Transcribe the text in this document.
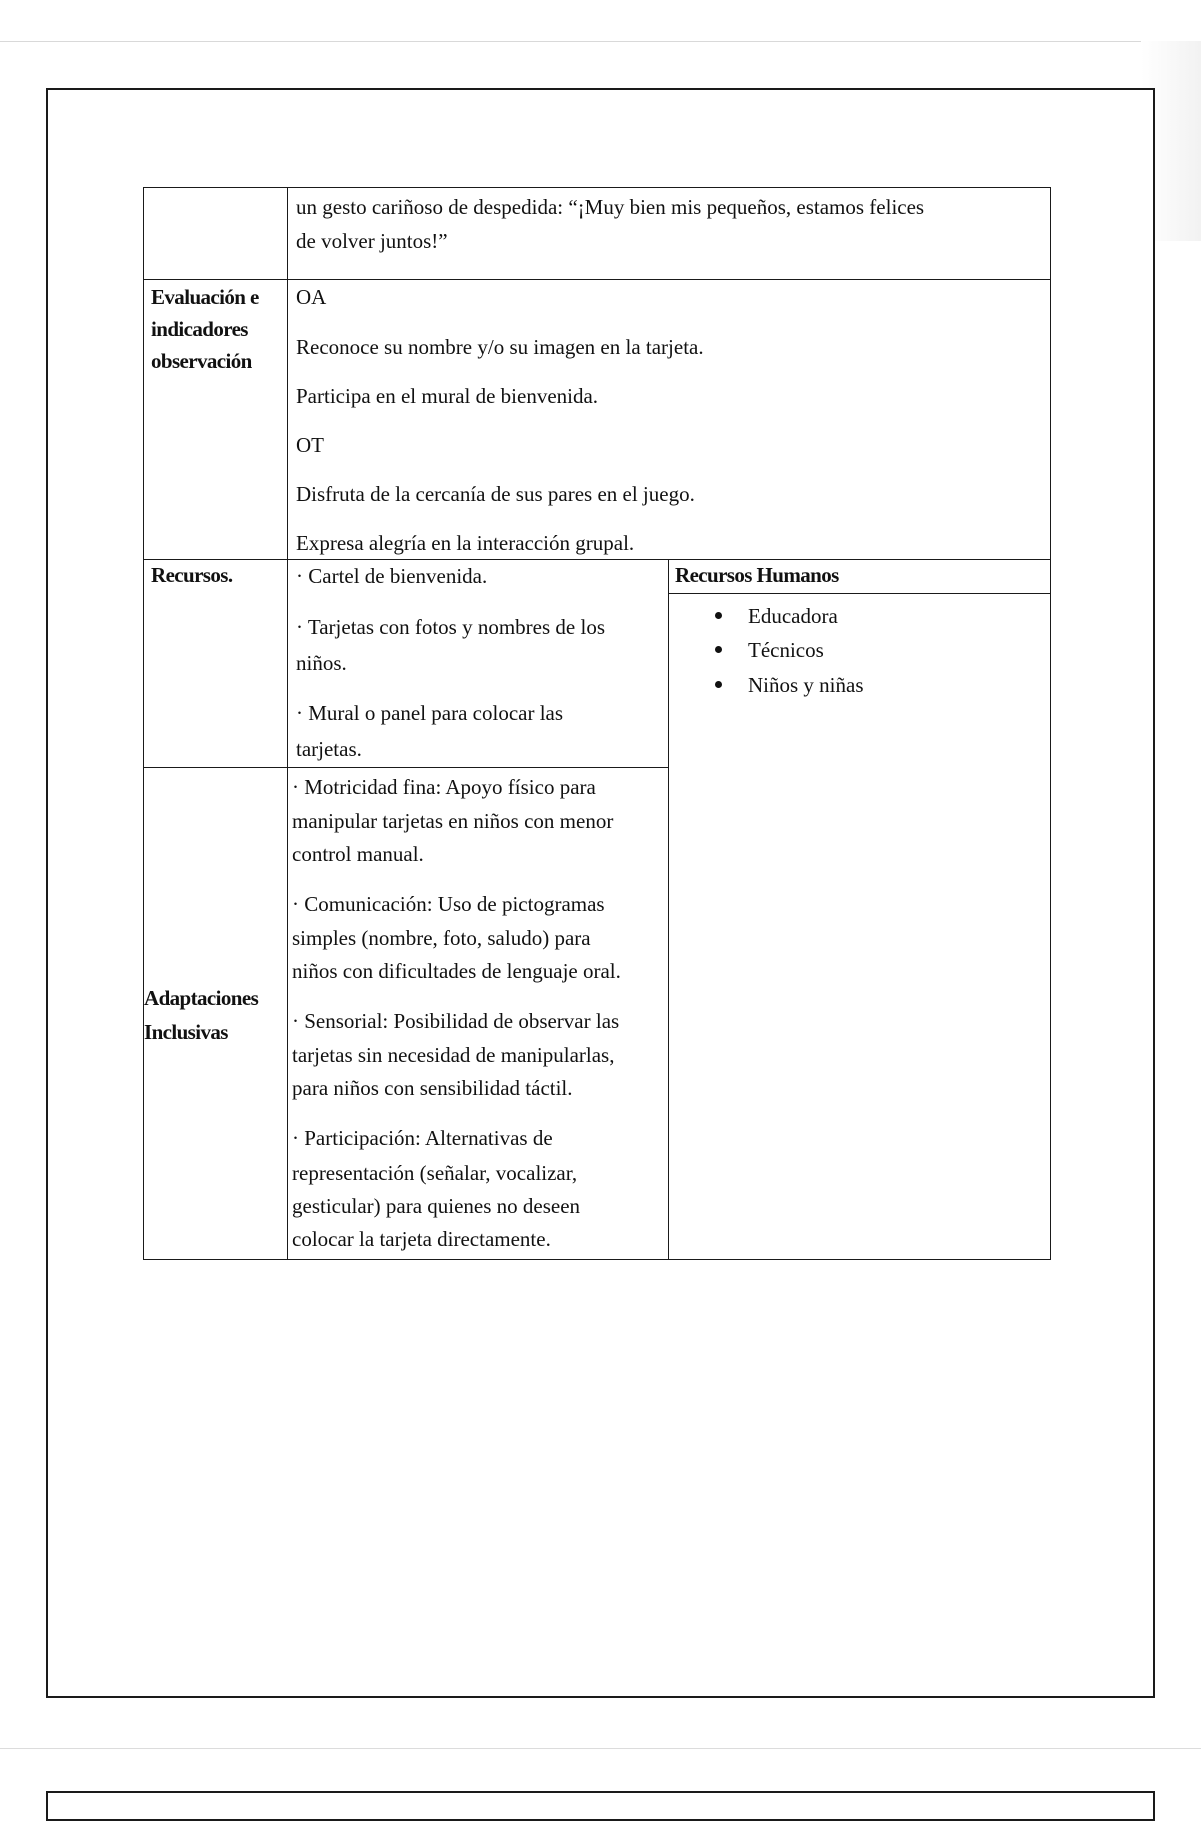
un gesto cariñoso de despedida: “¡Muy bien mis pequeños, estamos felices
de volver juntos!”
Evaluación e
indicadores
observación
OA
Reconoce su nombre y/o su imagen en la tarjeta.
Participa en el mural de bienvenida.
OT
Disfruta de la cercanía de sus pares en el juego.
Expresa alegría en la interacción grupal.
Recursos.	· Cartel de bienvenida.
· Tarjetas con fotos y nombres de los
niños.
· Mural o panel para colocar las
tarjetas.
Recursos Humanos
Educadora
Técnicos
Niños y niñas
Adaptaciones
Inclusivas
· Motricidad fina: Apoyo físico para
manipular tarjetas en niños con menor
control manual.
· Comunicación: Uso de pictogramas
simples (nombre, foto, saludo) para
niños con dificultades de lenguaje oral.
· Sensorial: Posibilidad de observar las
tarjetas sin necesidad de manipularlas,
para niños con sensibilidad táctil.
· Participación: Alternativas de
representación (señalar, vocalizar,
gesticular) para quienes no deseen
colocar la tarjeta directamente.
